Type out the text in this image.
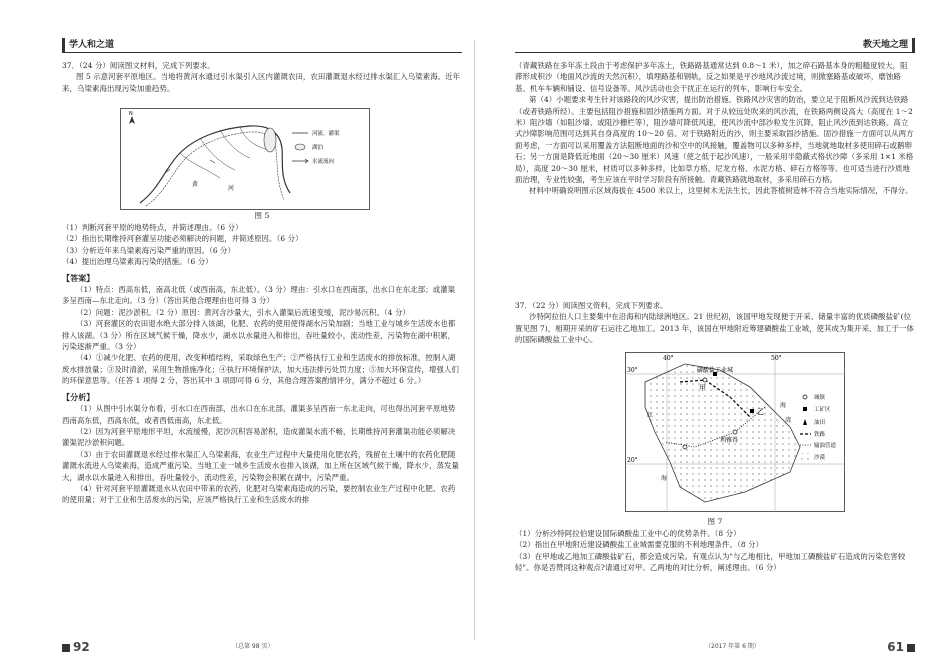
学人和之道

37．（24 分）阅读图文材料，完成下列要求。

图 5 示意河套平原地区。当地将黄河水通过引水渠引入区内灌溉农田，农田灌溉退水经过排水渠汇入乌梁素海。近年来，乌梁素海出现污染加重趋势。

N
黄
河
河流、灌渠
湖泊
水流流向
图 5

（1）判断河套平原的地势特点，并简述理由。（6 分）

（2）指出长期维持河套灌呈功能必须解决的问题，并简述原因。（6 分）

（3）分析近年来乌梁素海污染严重的原因。（6 分）

（4）提出治理乌梁素海污染的措施。（6 分）

【答案】

（1）特点：西高东低，南高北低（或西南高，东北低）。（3 分）理由：引水口在西南部，出水口在东北部；或灌渠多呈西南—东北走向。（3 分）（答出其他合理理由也可得 3 分）

（2）问题：泥沙淤积。（2 分）原因：黄河含沙量大，引水入灌渠后流速变缓，泥沙易沉积。（4 分）

（3）河套灌区的农田退水绝大部分排入该湖，化肥、农药的使用使得湖水污染加剧；当地工业与城乡生活废水也都排入该湖。（3 分）所在区域气候干燥，降水少，湖水以水量进入和排出，吞吐量较小，流动性差，污染物在湖中积累，污染逐渐严重。（3 分）

（4）①减少化肥、农药的使用，改变种植结构，采取绿色生产；②严格执行工业和生活废水的排放标准，控制入湖废水排放量；③及时清淤，采用生物措施净化；④执行环境保护法，加大违法排污处罚力度；⑤加大环保宣传，增强人们的环保意思等。（任答 1 项得 2 分，答出其中 3 项即可得 6 分，其他合理答案酌情评分，满分不超过 6 分。）

【分析】

（1）从图中引水渠分布看，引水口在西南部，出水口在东北部，灌渠多呈西南一东北走向，可也得出河套平原地势西南高东低，西高东低，或者西低南高，东北低。

（2）因为河套平原地形平坦，水流缓慢，泥沙沉积容易淤积，造成灌渠水流不畅，长期维持河套灌渠功能必须解决灌渠泥沙淤积问题。

（3）由于农田灌溉退水经过排水渠汇入乌梁素海，农业生产过程中大量使用化肥农药，残留在土壤中的农药化肥随灌溉水流进入乌梁素海，造成严重污染。当地工业一城乡生活废水也排入该湖，加上所在区域气候干燥，降水少，蒸发量大，湖水以水量进入和排出，吞吐量较小，流动性差，污染物会积累在湖中，污染严重。

（4）针对河套平原灌溉退水从农田中带来的农药，化肥对乌梁素海造成的污染，要控制农业生产过程中化肥、农药的使用量；对于工业和生活废水的污染，应该严格执行工业和生活废水的排

92	（总第 98 页）
教天地之理

（青藏铁路在多年冻土段由于考虑保护多年冻土，铁路路基通常达到 0.8～1 米），加之碎石路基本身的粗糙度较大，阻滞形成积沙（地面风沙流的天然沉积），填埋路基和钢轨，反之如果是平沙地风沙流过境，则掀塞路基或破坏，磨蚀路基、机车车辆和铺设、信号设备等。风沙活动也会干扰正在运行的列车，影响行车安全。

第（4）小题要求考生针对该路段的风沙灾害，提出防治措施。铁路风沙灾害的防治，要立足于阻断风沙流到达铁路（或者铁路所经）。主要包括阻沙措施和固沙措施两方面。对于从较远处吹来的风沙流，在铁路两侧设高大（高度在 1～2 米）阻沙墙（如阻沙墙、或阻沙栅栏等），阻沙墙可降低风速，使风沙流中部沙粒发生沉降，阻止风沙流到达铁路。高立式沙障影响范围可达到其自身高度的 10～20 倍。对于铁路附近的沙，则主要采取固沙措施。固沙措施一方面可以从两方面考虑，一方面可以采用覆盖方法阻断地面的沙和空中的风接触，覆盖物可以多种多样，当地就地取材多使用碎石或鹅卵石；另一方面是降低近地面（20～30 厘米）风速（使之低于起沙风速），一般采用半隐蔽式格状沙障（多采用 1×1 米格局），高度 20～30 厘米，材质可以多种多样，比如草方格、尼龙方格、水泥方格、碎石方格等等。也可适当进行沙质地面治理，专业性较强，考生应该在平时学习阶段有所接触。青藏铁路就地取材，多采用碎石方格。

材料中明确说明图示区域海拔在 4500 米以上，这里树木无法生长，因此答植树造林不符合当地实际情况，不得分。

37．（22 分）阅读图文资料，完成下列要求。

沙特阿拉伯人口主要集中在沿海和内陆绿洲地区。21 世纪初，该国甲地发现便于开采、储量丰富的优质磷酸盐矿(位置见图 7)，相期开采的矿石运往乙地加工。2013 年，该国在甲地附近筹建磷酸盐工业城，使其成为集开采、加工于一体的国际磷酸盐工业中心。

40°	50°
30°
20°
磷酸盐工业城
甲
乙
海
湾
利雅得
红
海
城镇
工矿区
油田
铁路
输油管道
沙漠
图 7

（1）分析沙特阿拉伯建设国际磷酸盐工业中心的优势条件。（8 分）

（2）指出在甲地附近建设磷酸盐工业城需要克服的不利地理条件。（8 分）

（3）在甲地或乙地加工磷酸盐矿石，都会造成污染。有观点认为"与乙地相比，甲地加工磷酸盐矿石造成的污染危害较轻"。你是否赞同这种观点?请通过对甲、乙两地的对比分析，阐述理由。（6 分）

（2017 年第 6 期）	61
